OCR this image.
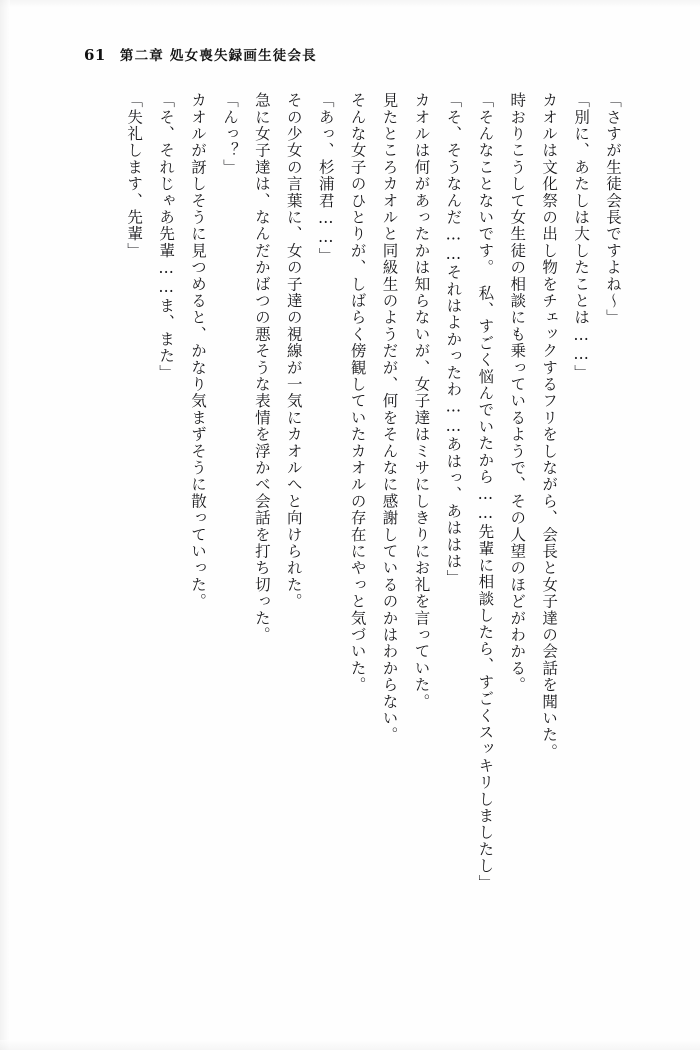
61 第二章 処女喪失録画生徒会長

「さすが生徒会長ですよね〜」

「別に、あたしは大したことは……」

カオルは文化祭の出し物をチェックするフリをしながら、会長と女子達の会話を聞いた。

時おりこうして女生徒の相談にも乗っているようで、その人望のほどがわかる。

「そんなことないです。　私、すごく悩んでいたから……先輩に相談したら、すごくスッキリしましたし」

「そ、そうなんだ……それはよかったわ……あはっ、あははは」

カオルは何があったかは知らないが、女子達はミサにしきりにお礼を言っていた。

見たところカオルと同級生のようだが、何をそんなに感謝しているのかはわからない。

そんな女子のひとりが、しばらく傍観していたカオルの存在にやっと気づいた。

「あっ、杉浦君……」

その少女の言葉に、女の子達の視線が一気にカオルへと向けられた。

急に女子達は、なんだかばつの悪そうな表情を浮かべ会話を打ち切った。

「んっ？」

カオルが訝しそうに見つめると、かなり気まずそうに散っていった。

「そ、それじゃあ先輩……ま、また」

「失礼します、先輩」
